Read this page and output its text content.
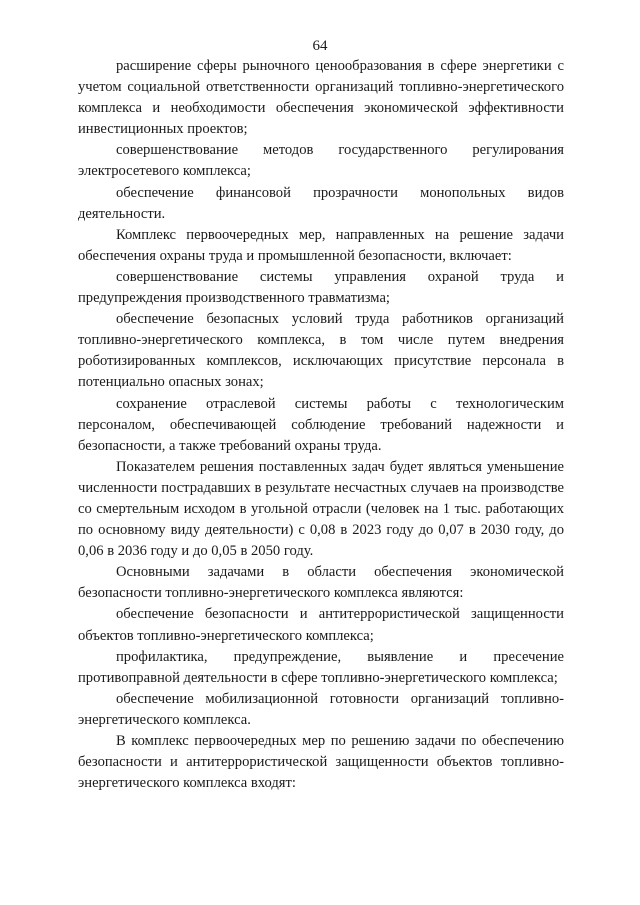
64

расширение сферы рыночного ценообразования в сфере энергетики с учетом социальной ответственности организаций топливно-энергетического комплекса и необходимости обеспечения экономической эффективности инвестиционных проектов;

совершенствование методов государственного регулирования электросетевого комплекса;

обеспечение финансовой прозрачности монопольных видов деятельности.

Комплекс первоочередных мер, направленных на решение задачи обеспечения охраны труда и промышленной безопасности, включает:

совершенствование системы управления охраной труда и предупреждения производственного травматизма;

обеспечение безопасных условий труда работников организаций топливно-энергетического комплекса, в том числе путем внедрения роботизированных комплексов, исключающих присутствие персонала в потенциально опасных зонах;

сохранение отраслевой системы работы с технологическим персоналом, обеспечивающей соблюдение требований надежности и безопасности, а также требований охраны труда.

Показателем решения поставленных задач будет являться уменьшение численности пострадавших в результате несчастных случаев на производстве со смертельным исходом в угольной отрасли (человек на 1 тыс. работающих по основному виду деятельности) с 0,08 в 2023 году до 0,07 в 2030 году, до 0,06 в 2036 году и до 0,05 в 2050 году.

Основными задачами в области обеспечения экономической безопасности топливно-энергетического комплекса являются:

обеспечение безопасности и антитеррористической защищенности объектов топливно-энергетического комплекса;

профилактика, предупреждение, выявление и пресечение противоправной деятельности в сфере топливно-энергетического комплекса;

обеспечение мобилизационной готовности организаций топливно-энергетического комплекса.

В комплекс первоочередных мер по решению задачи по обеспечению безопасности и антитеррористической защищенности объектов топливно-энергетического комплекса входят:
